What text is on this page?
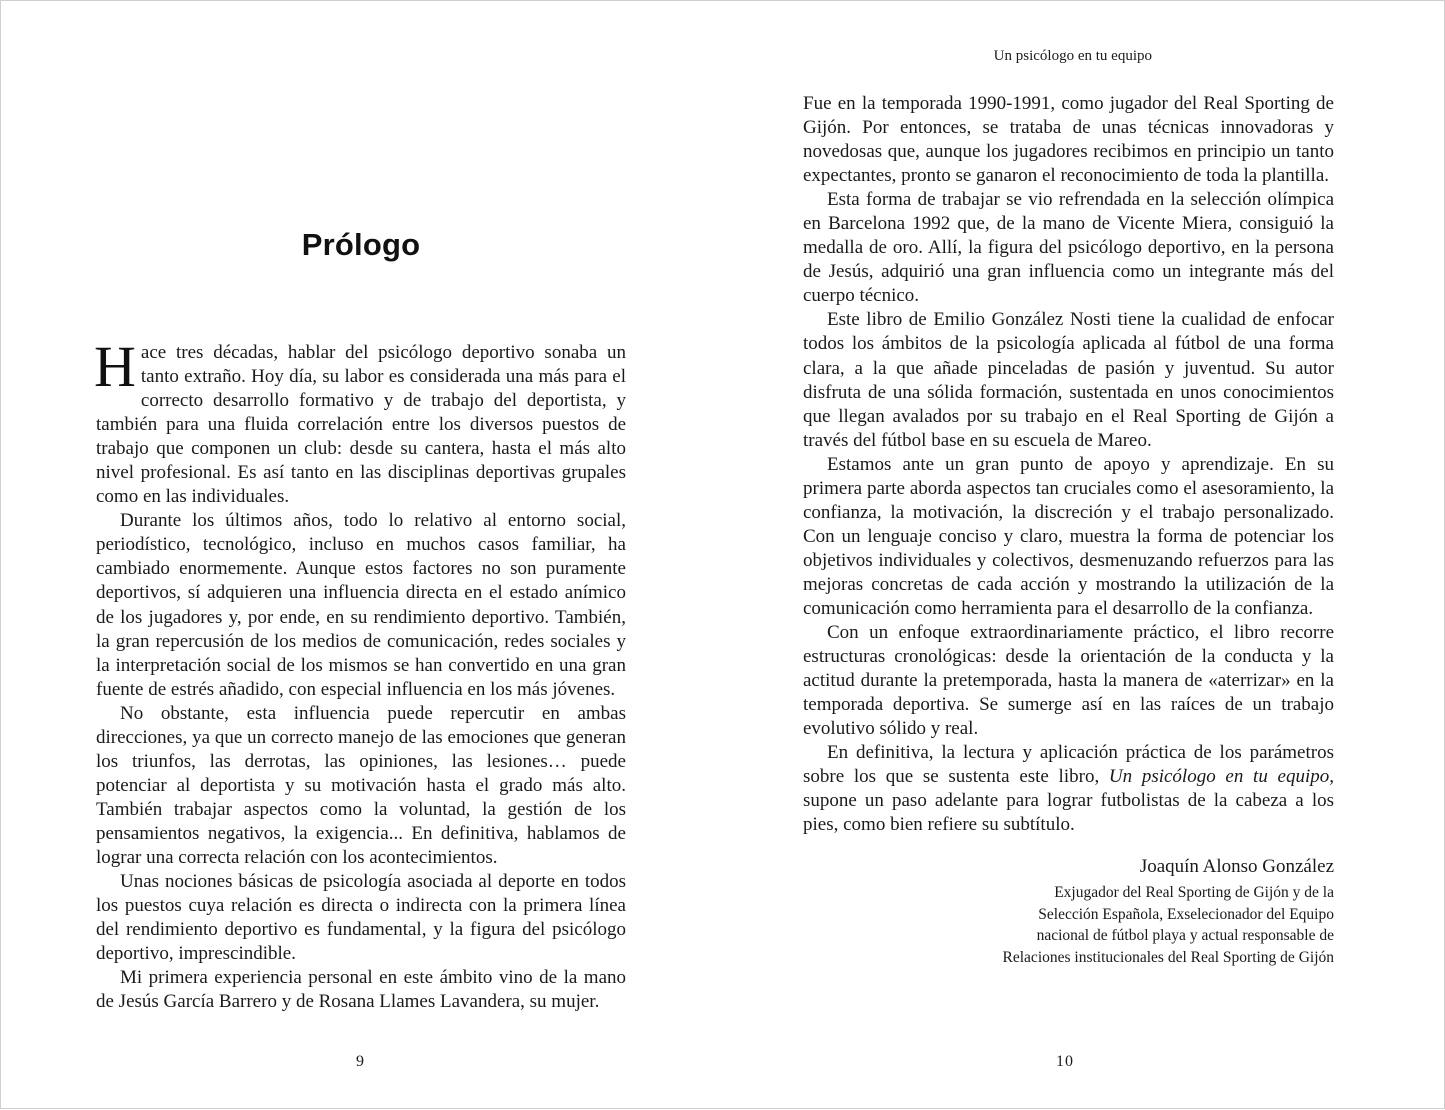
Prólogo

Hace tres décadas, hablar del psicólogo deportivo sonaba un tanto extraño. Hoy día, su labor es considerada una más para el correcto desarrollo formativo y de trabajo del deportista, y también para una fluida correlación entre los diversos puestos de trabajo que componen un club: desde su cantera, hasta el más alto nivel profesional. Es así tanto en las disciplinas deportivas grupales como en las individuales.

Durante los últimos años, todo lo relativo al entorno social, periodístico, tecnológico, incluso en muchos casos familiar, ha cambiado enormemente. Aunque estos factores no son puramente deportivos, sí adquieren una influencia directa en el estado anímico de los jugadores y, por ende, en su rendimiento deportivo. También, la gran repercusión de los medios de comunicación, redes sociales y la interpretación social de los mismos se han convertido en una gran fuente de estrés añadido, con especial influencia en los más jóvenes.

No obstante, esta influencia puede repercutir en ambas direcciones, ya que un correcto manejo de las emociones que generan los triunfos, las derrotas, las opiniones, las lesiones… puede potenciar al deportista y su motivación hasta el grado más alto. También trabajar aspectos como la voluntad, la gestión de los pensamientos negativos, la exigencia... En definitiva, hablamos de lograr una correcta relación con los acontecimientos.

Unas nociones básicas de psicología asociada al deporte en todos los puestos cuya relación es directa o indirecta con la primera línea del rendimiento deportivo es fundamental, y la figura del psicólogo deportivo, imprescindible.

Mi primera experiencia personal en este ámbito vino de la mano de Jesús García Barrero y de Rosana Llames Lavandera, su mujer.

9
Un psicólogo en tu equipo

Fue en la temporada 1990-1991, como jugador del Real Sporting de Gijón. Por entonces, se trataba de unas técnicas innovadoras y novedosas que, aunque los jugadores recibimos en principio un tanto expectantes, pronto se ganaron el reconocimiento de toda la plantilla.

Esta forma de trabajar se vio refrendada en la selección olímpica en Barcelona 1992 que, de la mano de Vicente Miera, consiguió la medalla de oro. Allí, la figura del psicólogo deportivo, en la persona de Jesús, adquirió una gran influencia como un integrante más del cuerpo técnico.

Este libro de Emilio González Nosti tiene la cualidad de enfocar todos los ámbitos de la psicología aplicada al fútbol de una forma clara, a la que añade pinceladas de pasión y juventud. Su autor disfruta de una sólida formación, sustentada en unos conocimientos que llegan avalados por su trabajo en el Real Sporting de Gijón a través del fútbol base en su escuela de Mareo.

Estamos ante un gran punto de apoyo y aprendizaje. En su primera parte aborda aspectos tan cruciales como el asesoramiento, la confianza, la motivación, la discreción y el trabajo personalizado. Con un lenguaje conciso y claro, muestra la forma de potenciar los objetivos individuales y colectivos, desmenuzando refuerzos para las mejoras concretas de cada acción y mostrando la utilización de la comunicación como herramienta para el desarrollo de la confianza.

Con un enfoque extraordinariamente práctico, el libro recorre estructuras cronológicas: desde la orientación de la conducta y la actitud durante la pretemporada, hasta la manera de «aterrizar» en la temporada deportiva. Se sumerge así en las raíces de un trabajo evolutivo sólido y real.

En definitiva, la lectura y aplicación práctica de los parámetros sobre los que se sustenta este libro, Un psicólogo en tu equipo, supone un paso adelante para lograr futbolistas de la cabeza a los pies, como bien refiere su subtítulo.

Joaquín Alonso González
Exjugador del Real Sporting de Gijón y de la
Selección Española, Exselecionador del Equipo
nacional de fútbol playa y actual responsable de
Relaciones institucionales del Real Sporting de Gijón
10
